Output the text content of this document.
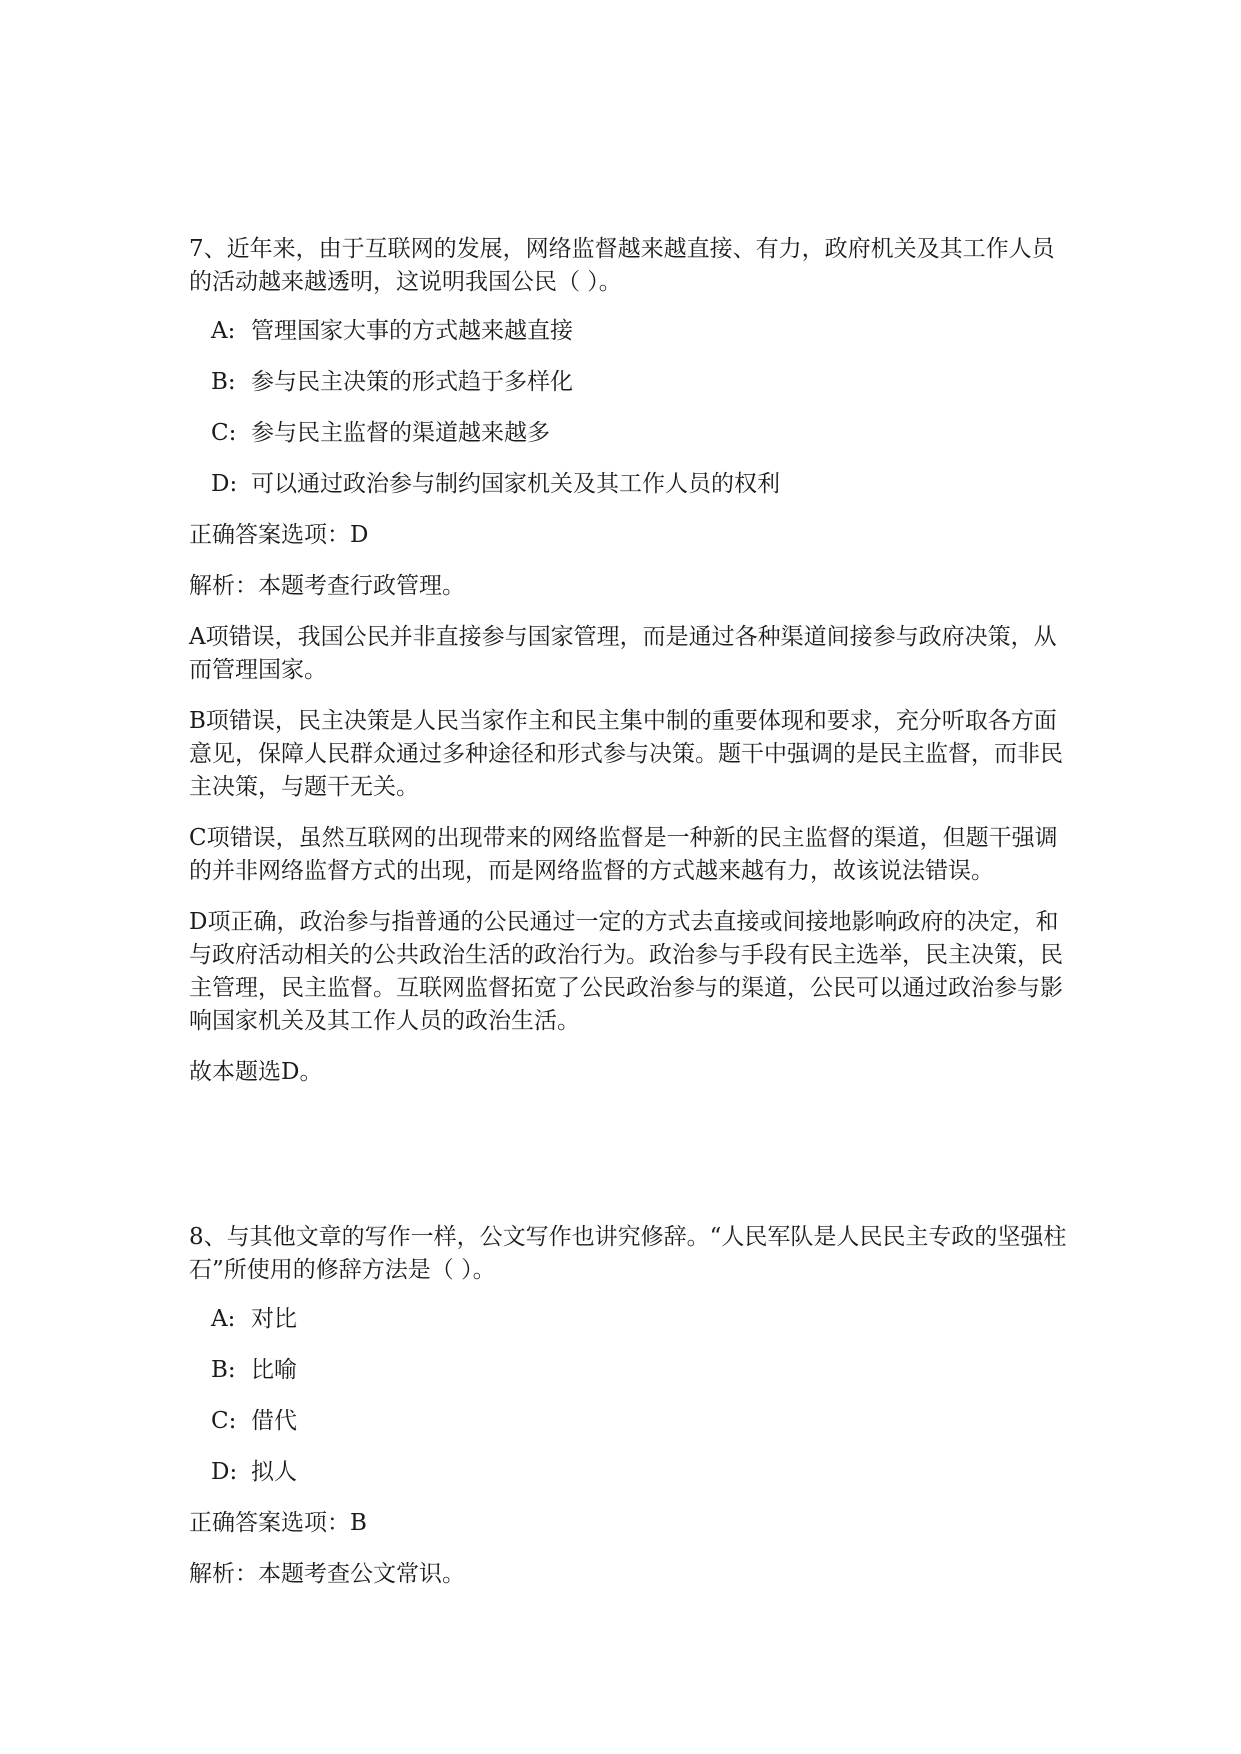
7、近年来，由于互联网的发展，网络监督越来越直接、有力，政府机关及其工作人员的活动越来越透明，这说明我国公民（ ）。
A: 管理国家大事的方式越来越直接
B: 参与民主决策的形式趋于多样化
C: 参与民主监督的渠道越来越多
D: 可以通过政治参与制约国家机关及其工作人员的权利
正确答案选项：D
解析：本题考查行政管理。
A项错误，我国公民并非直接参与国家管理，而是通过各种渠道间接参与政府决策，从而管理国家。
B项错误，民主决策是人民当家作主和民主集中制的重要体现和要求，充分听取各方面意见，保障人民群众通过多种途径和形式参与决策。题干中强调的是民主监督，而非民主决策，与题干无关。
C项错误，虽然互联网的出现带来的网络监督是一种新的民主监督的渠道，但题干强调的并非网络监督方式的出现，而是网络监督的方式越来越有力，故该说法错误。
D项正确，政治参与指普通的公民通过一定的方式去直接或间接地影响政府的决定，和与政府活动相关的公共政治生活的政治行为。政治参与手段有民主选举，民主决策，民主管理，民主监督。互联网监督拓宽了公民政治参与的渠道，公民可以通过政治参与影响国家机关及其工作人员的政治生活。
故本题选D。
8、与其他文章的写作一样，公文写作也讲究修辞。“人民军队是人民民主专政的坚强柱石”所使用的修辞方法是（ ）。
A: 对比
B: 比喻
C: 借代
D: 拟人
正确答案选项：B
解析：本题考查公文常识。
